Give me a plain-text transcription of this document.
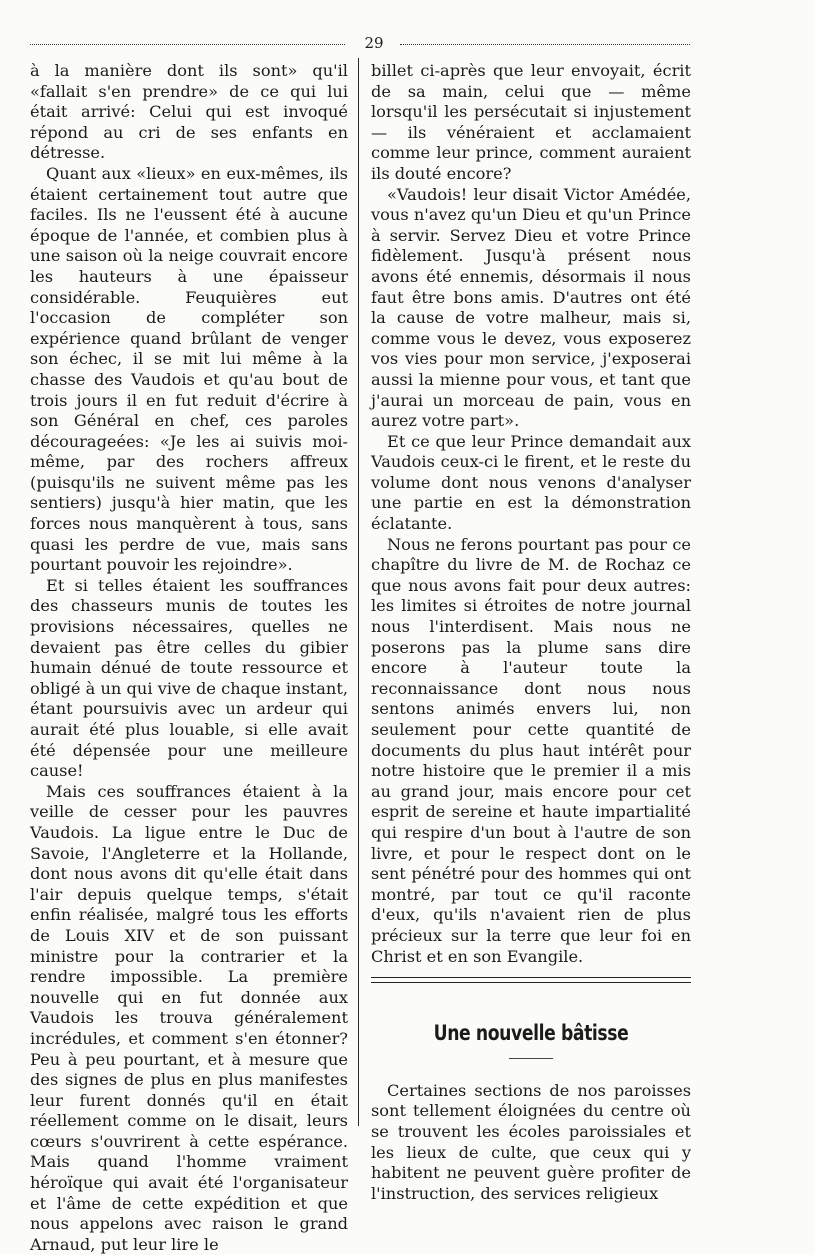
29

à la manière dont ils sont» qu'il «fallait s'en prendre» de ce qui lui était arrivé: Celui qui est invoqué répond au cri de ses enfants en détresse.

Quant aux «lieux» en eux-mêmes, ils étaient certainement tout autre que faciles. Ils ne l'eussent été à aucune époque de l'année, et combien plus à une saison où la neige couvrait encore les hauteurs à une épaisseur considérable. Feuquières eut l'occasion de compléter son expérience quand brûlant de venger son échec, il se mit lui même à la chasse des Vaudois et qu'au bout de trois jours il en fut reduit d'écrire à son Général en chef, ces paroles décourageées: «Je les ai suivis moi-même, par des rochers affreux (puisqu'ils ne suivent même pas les sentiers) jusqu'à hier matin, que les forces nous manquèrent à tous, sans quasi les perdre de vue, mais sans pourtant pouvoir les rejoindre».

Et si telles étaient les souffrances des chasseurs munis de toutes les provisions nécessaires, quelles ne devaient pas être celles du gibier humain dénué de toute ressource et obligé à un qui vive de chaque instant, étant poursuivis avec un ardeur qui aurait été plus louable, si elle avait été dépensée pour une meilleure cause!

Mais ces souffrances étaient à la veille de cesser pour les pauvres Vaudois. La ligue entre le Duc de Savoie, l'Angleterre et la Hollande, dont nous avons dit qu'elle était dans l'air depuis quelque temps, s'était enfin réalisée, malgré tous les efforts de Louis XIV et de son puissant ministre pour la contrarier et la rendre impossible. La première nouvelle qui en fut donnée aux Vaudois les trouva généralement incrédules, et comment s'en étonner? Peu à peu pourtant, et à mesure que des signes de plus en plus manifestes leur furent donnés qu'il en était réellement comme on le disait, leurs cœurs s'ouvrirent à cette espérance. Mais quand l'homme vraiment héroïque qui avait été l'organisateur et l'âme de cette expédition et que nous appelons avec raison le grand Arnaud, put leur lire le

billet ci-après que leur envoyait, écrit de sa main, celui que — même lorsqu'il les persécutait si injustement — ils vénéraient et acclamaient comme leur prince, comment auraient ils douté encore?

«Vaudois! leur disait Victor Amédée, vous n'avez qu'un Dieu et qu'un Prince à servir. Servez Dieu et votre Prince fidèlement. Jusqu'à présent nous avons été ennemis, désormais il nous faut être bons amis. D'autres ont été la cause de votre malheur, mais si, comme vous le devez, vous exposerez vos vies pour mon service, j'exposerai aussi la mienne pour vous, et tant que j'aurai un morceau de pain, vous en aurez votre part».

Et ce que leur Prince demandait aux Vaudois ceux-ci le firent, et le reste du volume dont nous venons d'analyser une partie en est la démonstration éclatante.

Nous ne ferons pourtant pas pour ce chapître du livre de M. de Rochaz ce que nous avons fait pour deux autres: les limites si étroites de notre journal nous l'interdisent. Mais nous ne poserons pas la plume sans dire encore à l'auteur toute la reconnaissance dont nous nous sentons animés envers lui, non seulement pour cette quantité de documents du plus haut intérêt pour notre histoire que le premier il a mis au grand jour, mais encore pour cet esprit de sereine et haute impartialité qui respire d'un bout à l'autre de son livre, et pour le respect dont on le sent pénétré pour des hommes qui ont montré, par tout ce qu'il raconte d'eux, qu'ils n'avaient rien de plus précieux sur la terre que leur foi en Christ et en son Evangile.

Une nouvelle bâtisse

Certaines sections de nos paroisses sont tellement éloignées du centre où se trouvent les écoles paroissiales et les lieux de culte, que ceux qui y habitent ne peuvent guère profiter de l'instruction, des services religieux
